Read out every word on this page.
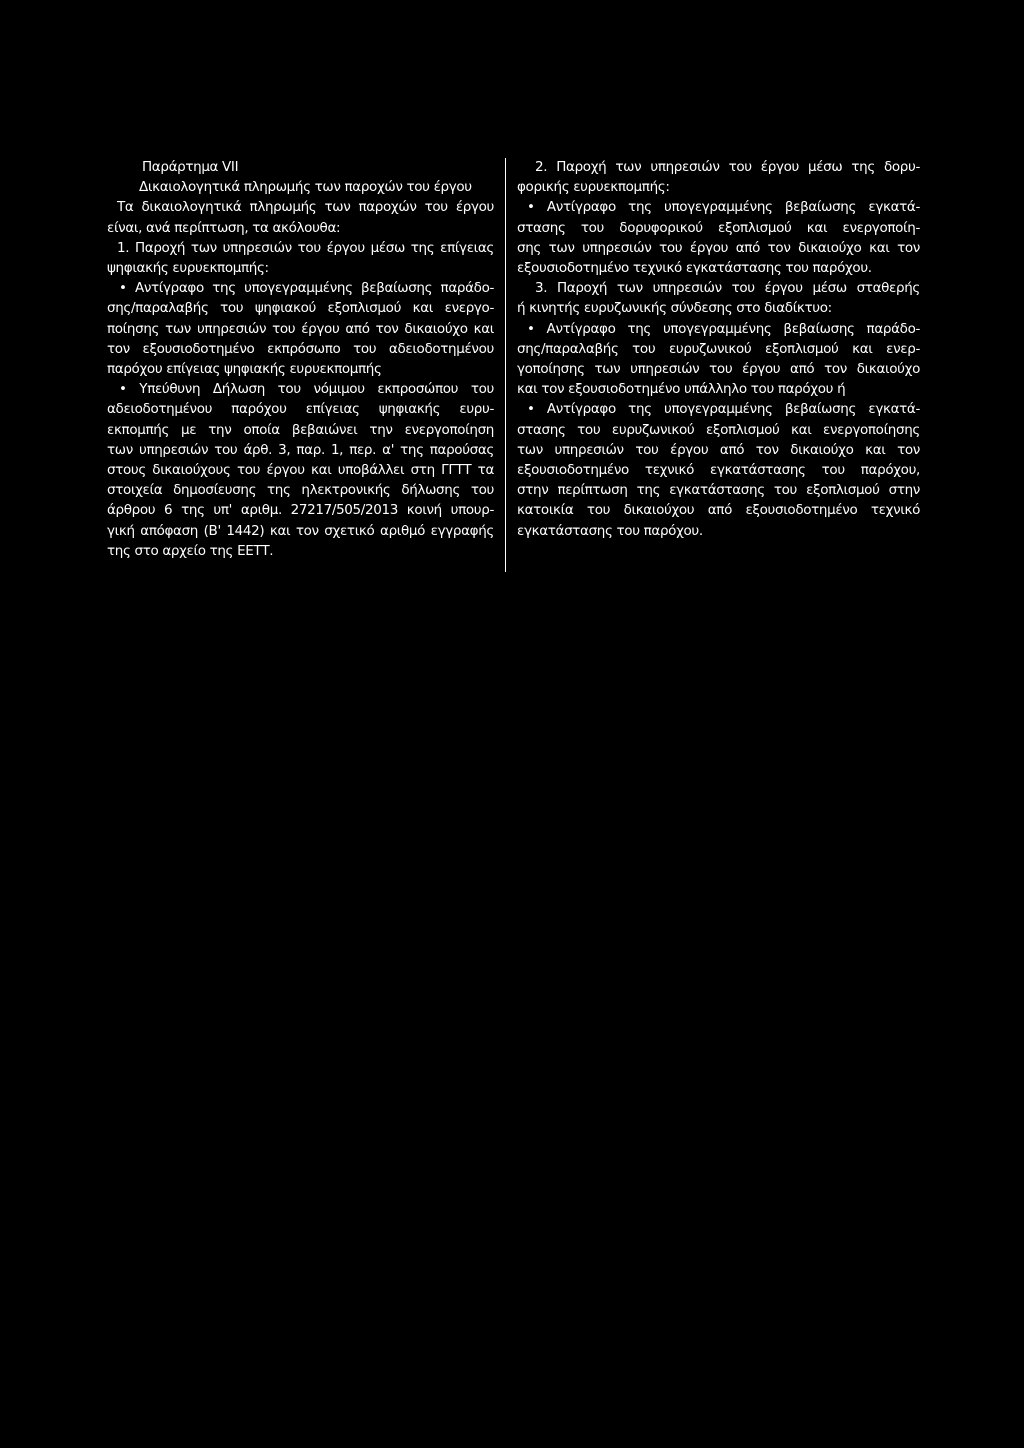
Παράρτημα VII
Δικαιολογητικά πληρωμής των παροχών του έργου
Τα δικαιολογητικά πληρωμής των παροχών του έργου
είναι, ανά περίπτωση, τα ακόλουθα:
1. Παροχή των υπηρεσιών του έργου μέσω της επίγειας
ψηφιακής ευρυεκπομπής:
• Αντίγραφο της υπογεγραμμένης βεβαίωσης παράδο-
σης/παραλαβής του ψηφιακού εξοπλισμού και ενεργο-
ποίησης των υπηρεσιών του έργου από τον δικαιούχο και
τον εξουσιοδοτημένο εκπρόσωπο του αδειοδοτημένου
παρόχου επίγειας ψηφιακής ευρυεκπομπής
• Υπεύθυνη Δήλωση του νόμιμου εκπροσώπου του
αδειοδοτημένου παρόχου επίγειας ψηφιακής ευρυ-
εκπομπής με την οποία βεβαιώνει την ενεργοποίηση
των υπηρεσιών του άρθ. 3, παρ. 1, περ. α' της παρούσας
στους δικαιούχους του έργου και υποβάλλει στη ΓΓΤΤ τα
στοιχεία δημοσίευσης της ηλεκτρονικής δήλωσης του
άρθρου 6 της υπ' αριθμ. 27217/505/2013 κοινή υπουρ-
γική απόφαση (Β' 1442) και τον σχετικό αριθμό εγγραφής
της στο αρχείο της ΕΕΤΤ.
2. Παροχή των υπηρεσιών του έργου μέσω της δορυ-
φορικής ευρυεκπομπής:
• Αντίγραφο της υπογεγραμμένης βεβαίωσης εγκατά-
στασης του δορυφορικού εξοπλισμού και ενεργοποίη-
σης των υπηρεσιών του έργου από τον δικαιούχο και τον
εξουσιοδοτημένο τεχνικό εγκατάστασης του παρόχου.
3. Παροχή των υπηρεσιών του έργου μέσω σταθερής
ή κινητής ευρυζωνικής σύνδεσης στο διαδίκτυο:
• Αντίγραφο της υπογεγραμμένης βεβαίωσης παράδο-
σης/παραλαβής του ευρυζωνικού εξοπλισμού και ενερ-
γοποίησης των υπηρεσιών του έργου από τον δικαιούχο
και τον εξουσιοδοτημένο υπάλληλο του παρόχου ή
• Αντίγραφο της υπογεγραμμένης βεβαίωσης εγκατά-
στασης του ευρυζωνικού εξοπλισμού και ενεργοποίησης
των υπηρεσιών του έργου από τον δικαιούχο και τον
εξουσιοδοτημένο τεχνικό εγκατάστασης του παρόχου,
στην περίπτωση της εγκατάστασης του εξοπλισμού στην
κατοικία του δικαιούχου από εξουσιοδοτημένο τεχνικό
εγκατάστασης του παρόχου.
